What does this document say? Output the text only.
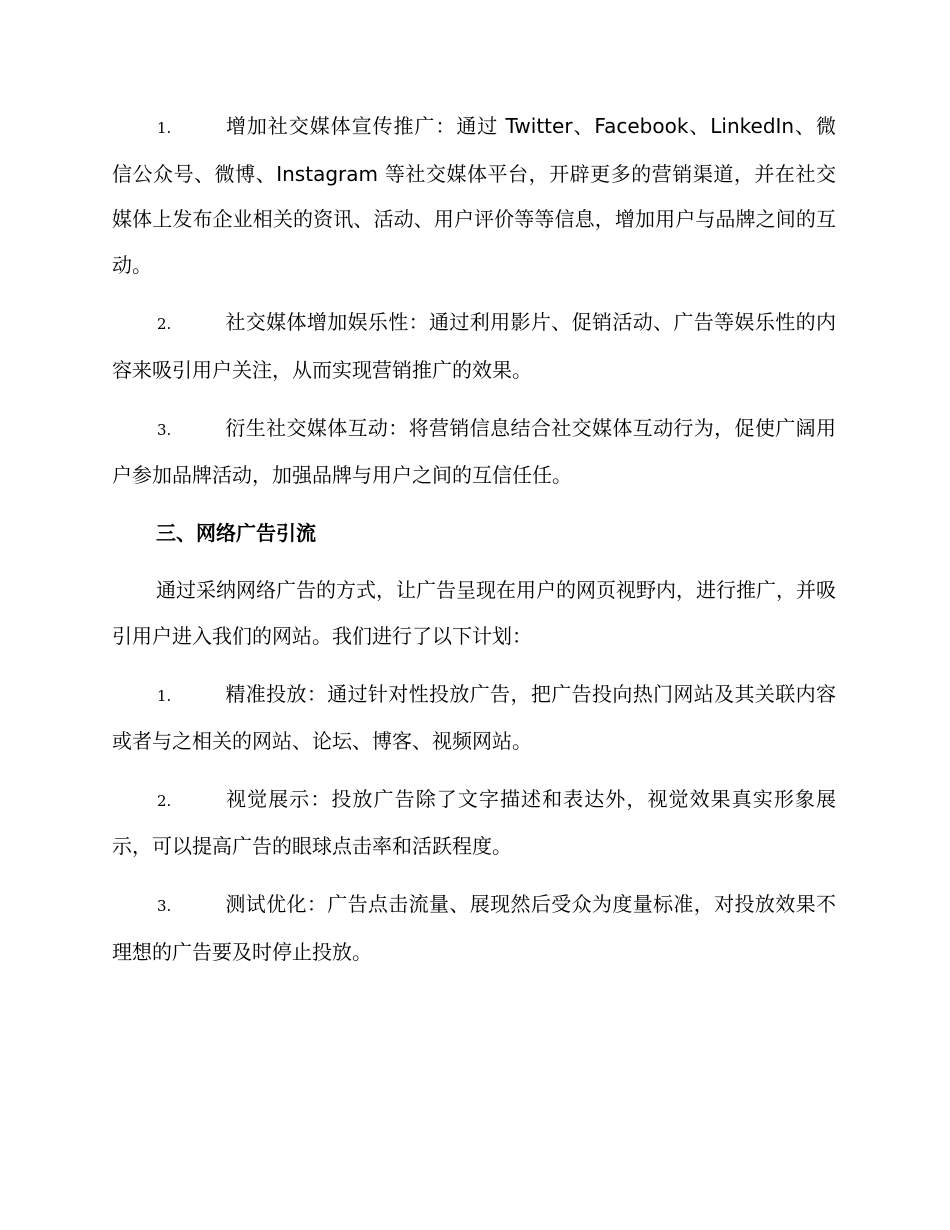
1.	增加社交媒体宣传推广：通过 Twitter、Facebook、LinkedIn、微信公众号、微博、Instagram 等社交媒体平台，开辟更多的营销渠道，并在社交媒体上发布企业相关的资讯、活动、用户评价等等信息，增加用户与品牌之间的互动。

2.	社交媒体增加娱乐性：通过利用影片、促销活动、广告等娱乐性的内容来吸引用户关注，从而实现营销推广的效果。

3.	衍生社交媒体互动：将营销信息结合社交媒体互动行为，促使广阔用户参加品牌活动，加强品牌与用户之间的互信任任。

三、网络广告引流

通过采纳网络广告的方式，让广告呈现在用户的网页视野内，进行推广，并吸引用户进入我们的网站。我们进行了以下计划：

1.	精准投放：通过针对性投放广告，把广告投向热门网站及其关联内容或者与之相关的网站、论坛、博客、视频网站。

2.	视觉展示：投放广告除了文字描述和表达外，视觉效果真实形象展示，可以提高广告的眼球点击率和活跃程度。

3.	测试优化：广告点击流量、展现然后受众为度量标准，对投放效果不理想的广告要及时停止投放。
